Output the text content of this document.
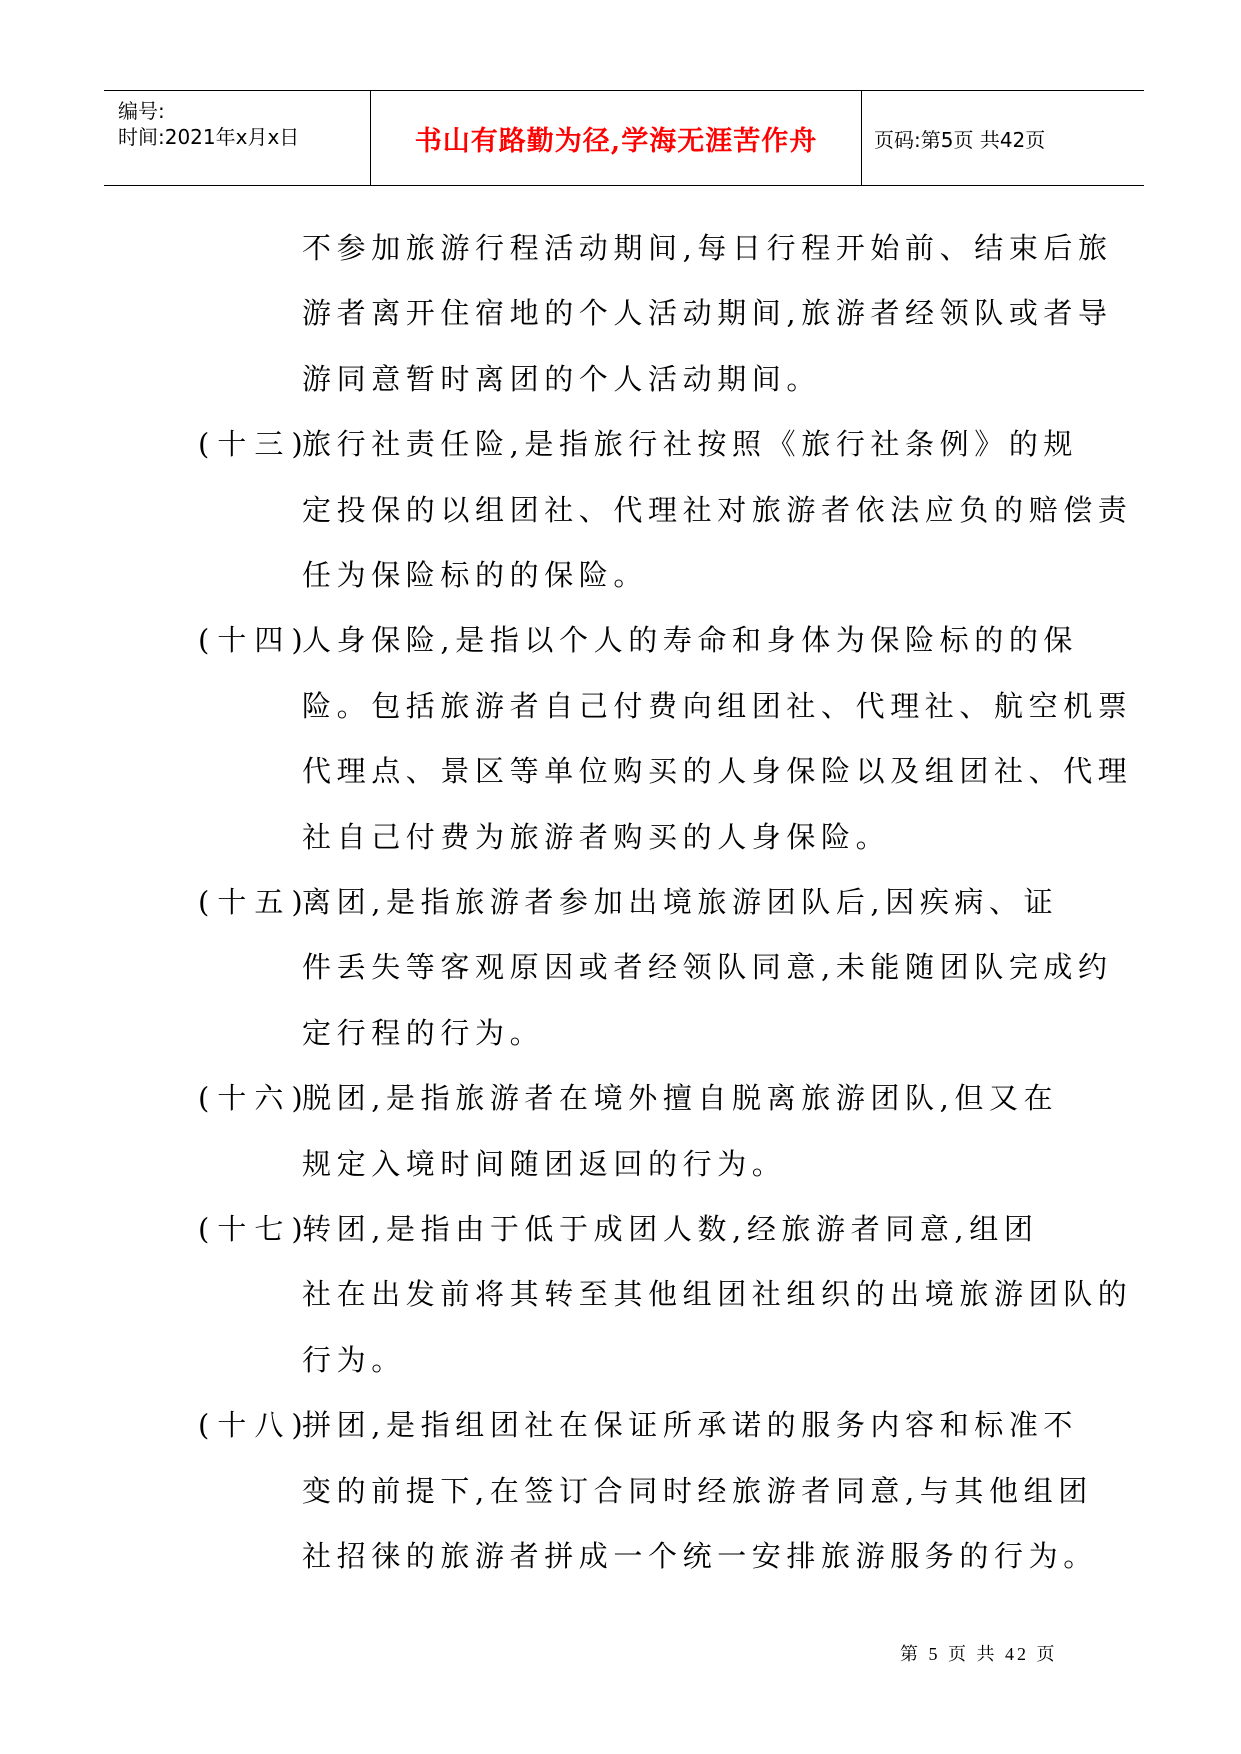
编号:
时间:2021年x月x日	书山有路勤为径,学海无涯苦作舟	页码:第5页 共42页
不参加旅游行程活动期间,每日行程开始前、结束后旅
游者离开住宿地的个人活动期间,旅游者经领队或者导
游同意暂时离团的个人活动期间。
(十三)
旅行社责任险,是指旅行社按照《旅行社条例》的规
定投保的以组团社、代理社对旅游者依法应负的赔偿责
任为保险标的的保险。
(十四)
人身保险,是指以个人的寿命和身体为保险标的的保
险。包括旅游者自己付费向组团社、代理社、航空机票
代理点、景区等单位购买的人身保险以及组团社、代理
社自己付费为旅游者购买的人身保险。
(十五)
离团,是指旅游者参加出境旅游团队后,因疾病、证
件丢失等客观原因或者经领队同意,未能随团队完成约
定行程的行为。
(十六)
脱团,是指旅游者在境外擅自脱离旅游团队,但又在
规定入境时间随团返回的行为。
(十七)
转团,是指由于低于成团人数,经旅游者同意,组团
社在出发前将其转至其他组团社组织的出境旅游团队的
行为。
(十八)
拼团,是指组团社在保证所承诺的服务内容和标准不
变的前提下,在签订合同时经旅游者同意,与其他组团
社招徕的旅游者拼成一个统一安排旅游服务的行为。
第 5 页 共 42 页
